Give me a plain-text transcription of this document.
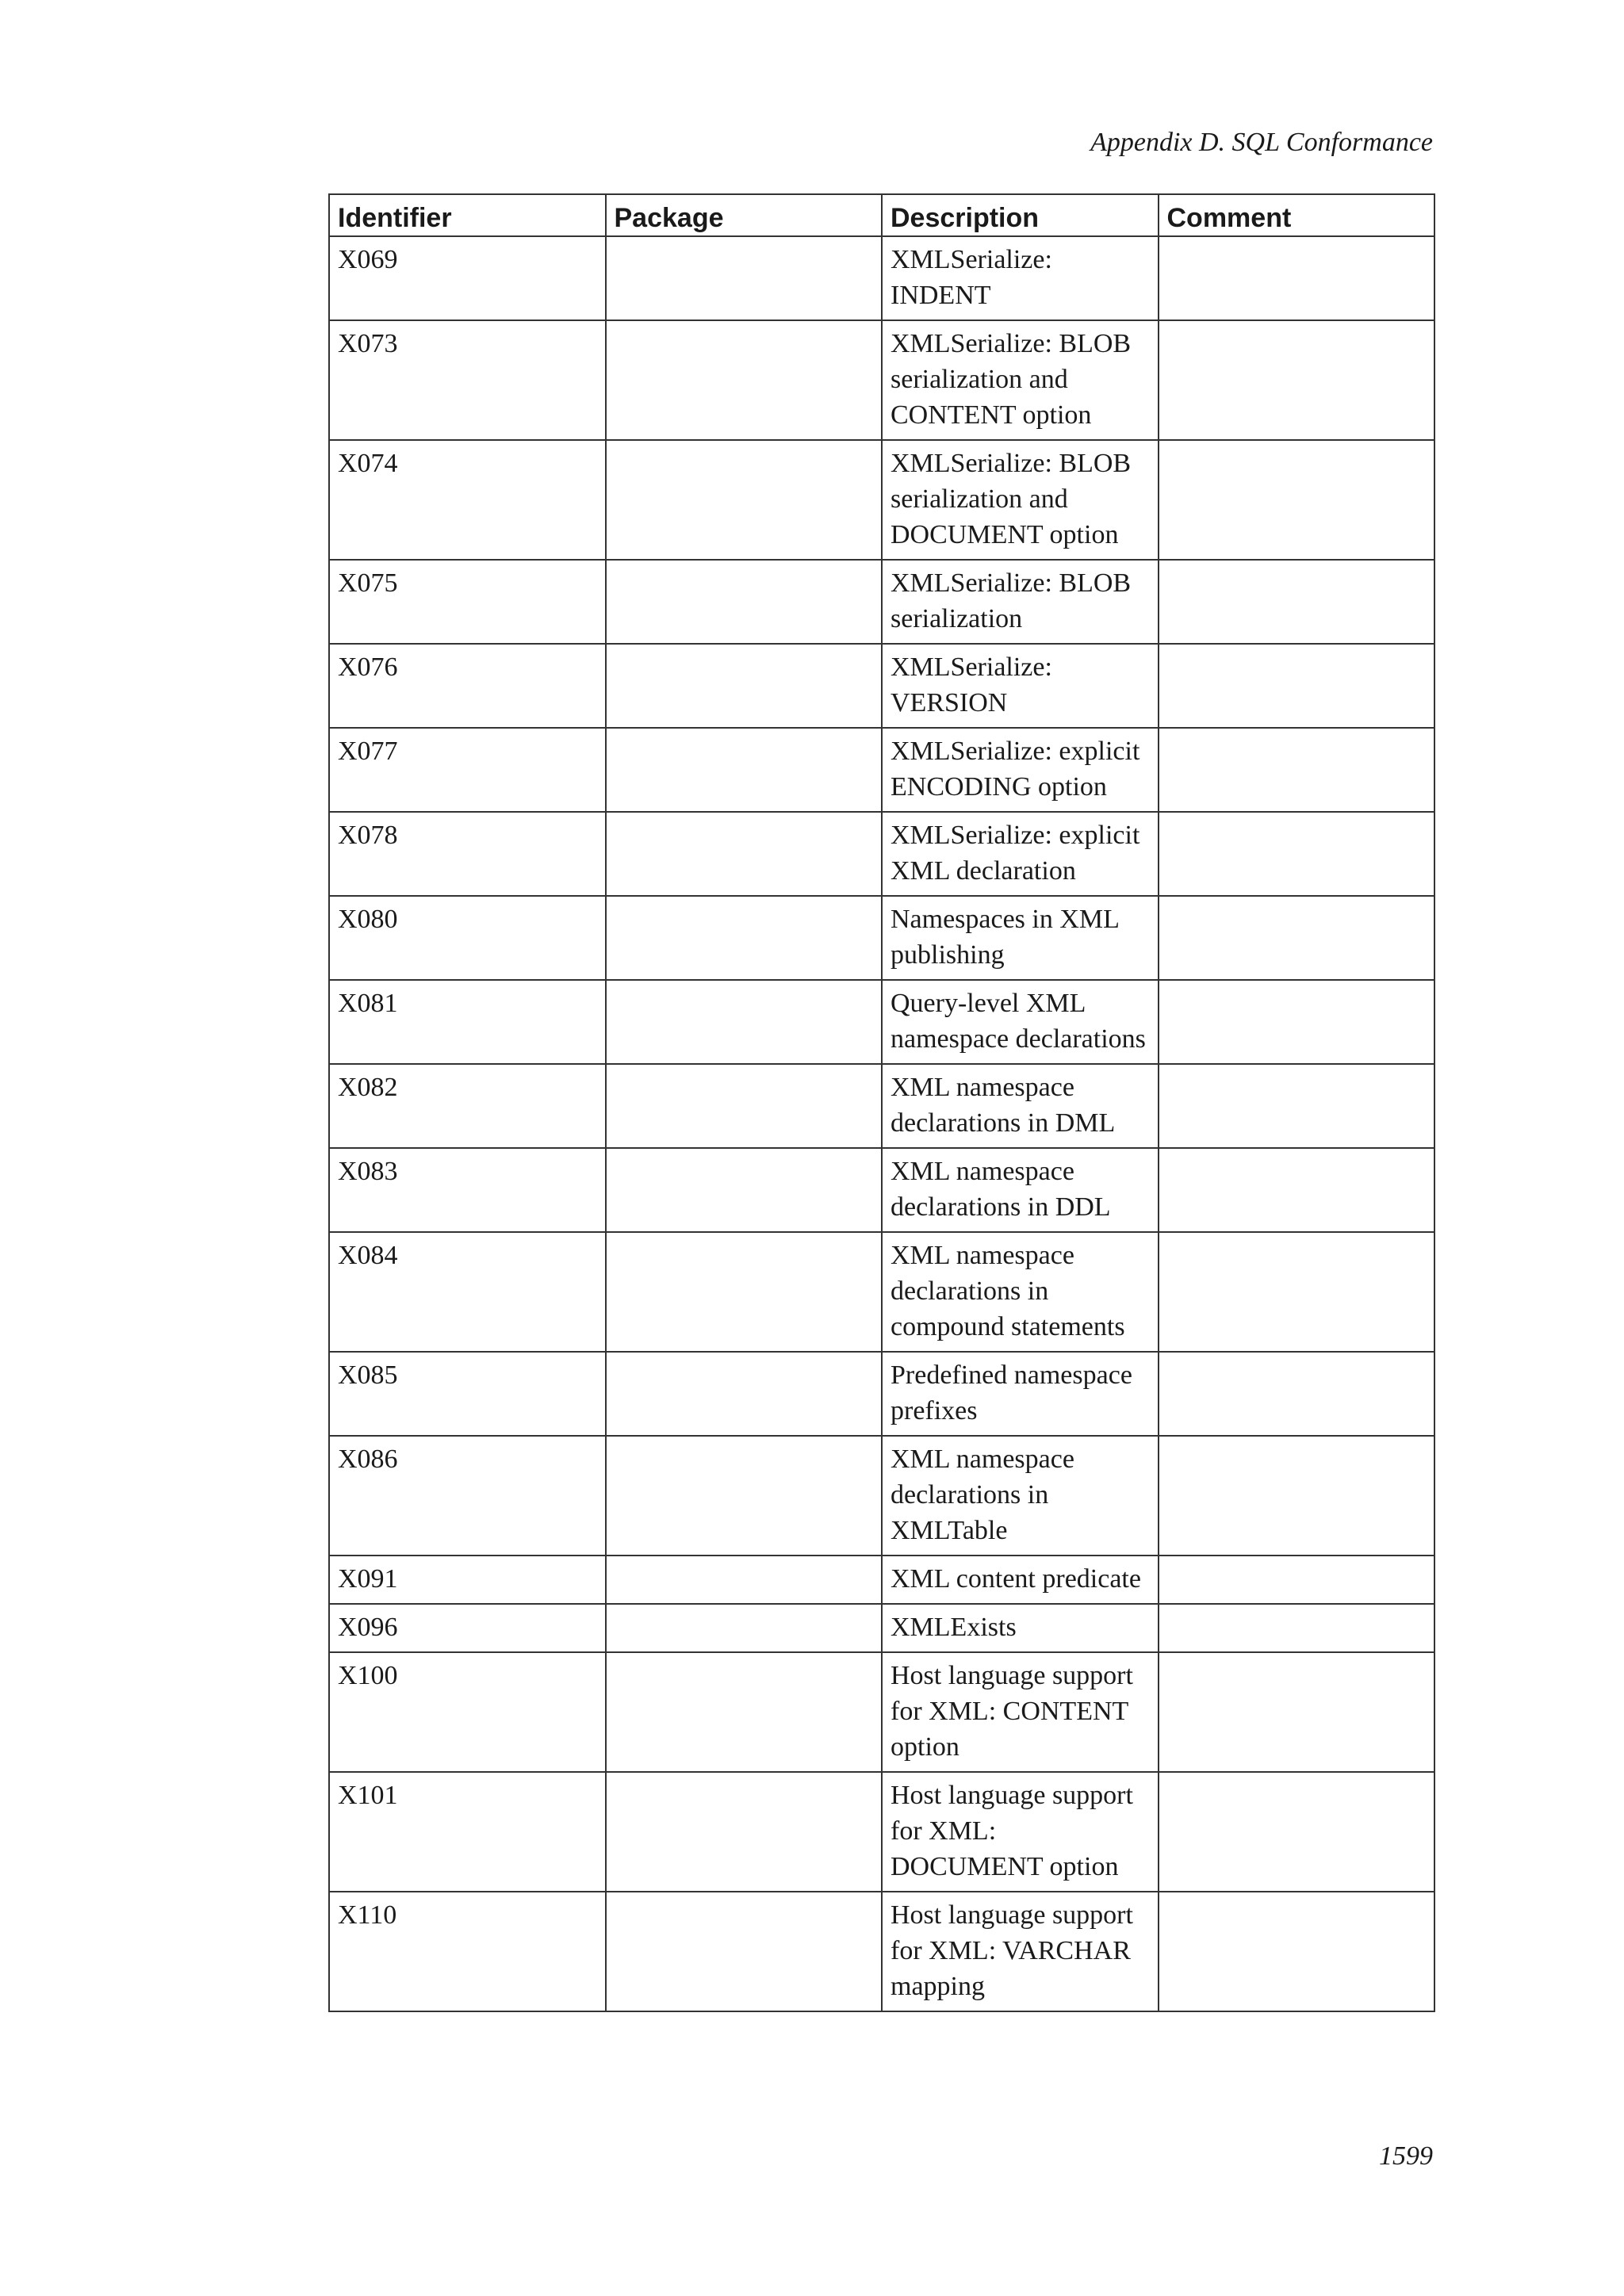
Appendix D. SQL Conformance
Identifier	Package	Description	Comment
X069		XMLSerialize: INDENT	
X073		XMLSerialize: BLOB serialization and CONTENT option	
X074		XMLSerialize: BLOB serialization and DOCUMENT option	
X075		XMLSerialize: BLOB serialization	
X076		XMLSerialize: VERSION	
X077		XMLSerialize: explicit ENCODING option	
X078		XMLSerialize: explicit XML declaration	
X080		Namespaces in XML publishing	
X081		Query-level XML namespace declarations	
X082		XML namespace declarations in DML	
X083		XML namespace declarations in DDL	
X084		XML namespace declarations in compound statements	
X085		Predefined namespace prefixes	
X086		XML namespace declarations in XMLTable	
X091		XML content predicate	
X096		XMLExists	
X100		Host language support for XML: CONTENT option	
X101		Host language support for XML: DOCUMENT option	
X110		Host language support for XML: VARCHAR mapping	
1599
